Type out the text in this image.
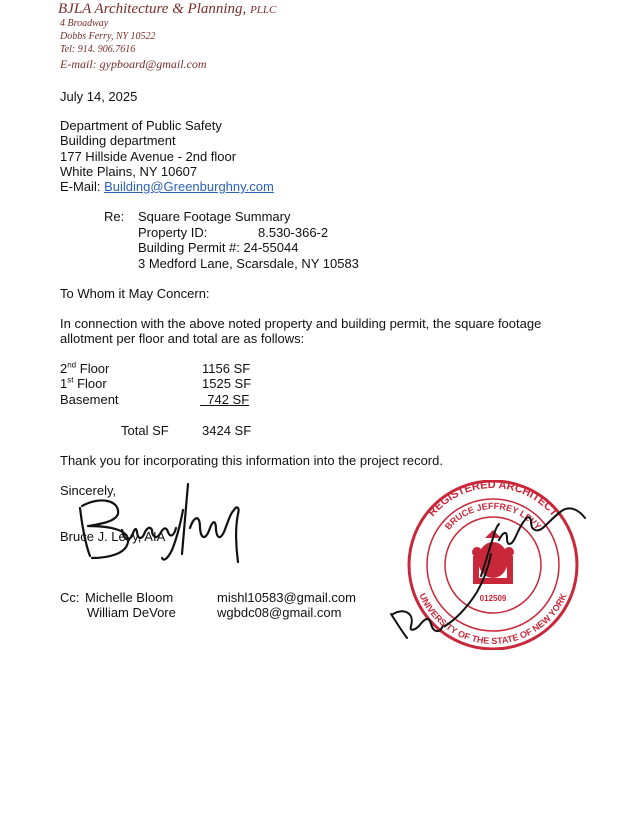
BJLA Architecture & Planning, PLLC
4 Broadway
Dobbs Ferry, NY 10522
Tel: 914. 906.7616
E-mail: gypboard@gmail.com
July 14, 2025
Department of Public Safety
Building department
177 Hillside Avenue - 2nd floor
White Plains, NY 10607
E-Mail: Building@Greenburghny.com
Re: Square Footage Summary
Property ID:	8.530-366-2
Building Permit #: 24-55044
3 Medford Lane, Scarsdale, NY 10583
To Whom it May Concern:
In connection with the above noted property and building permit, the square footage
allotment per floor and total are as follows:
2nd Floor	1156 SF
1st Floor	1525 SF
Basement	742 SF
Total SF	3424 SF
Thank you for incorporating this information into the project record.
Sincerely,
Bruce J. Levy, AIA
Cc: Michelle Bloom	mishl10583@gmail.com
William DeVore	wgbdc08@gmail.com
REGISTERED ARCHITECT
BRUCE JEFFREY LEVY
UNIVERSITY OF THE STATE OF NEW YORK
012509
